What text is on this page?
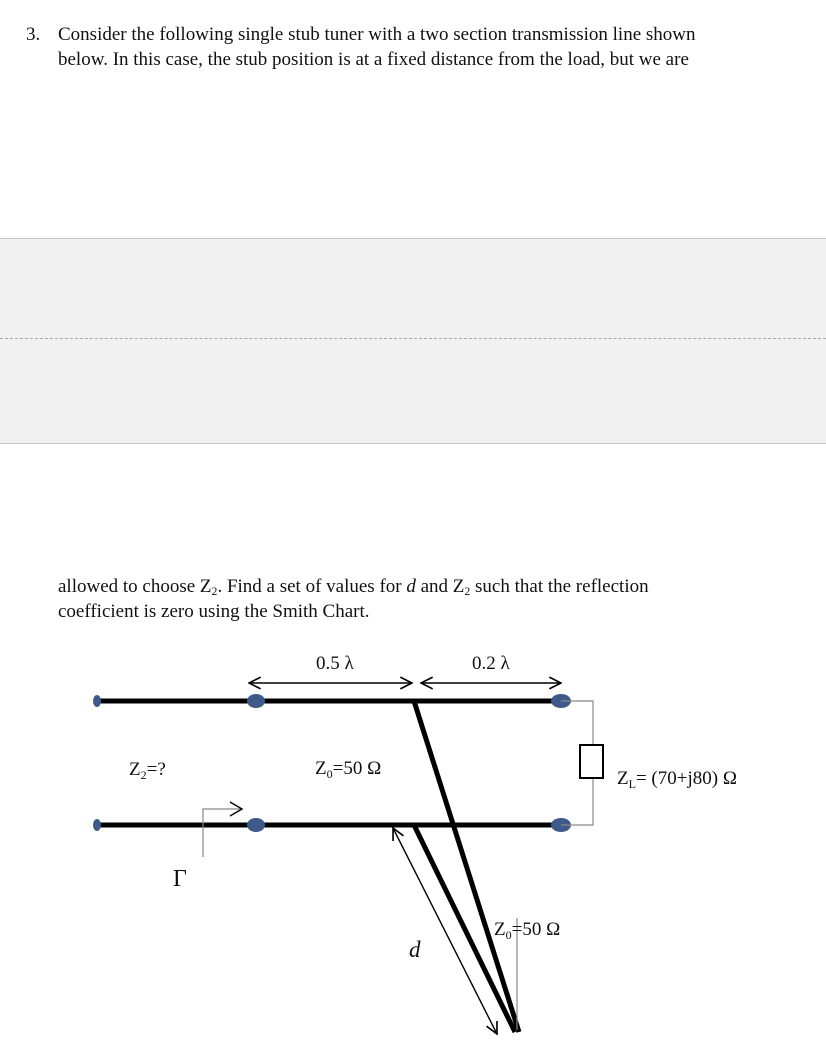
3. Consider the following single stub tuner with a two section transmission line shown
below. In this case, the stub position is at a fixed distance from the load, but we are
allowed to choose $Z_2$. Find a set of values for d and $Z_2$ such that the reflection
coefficient is zero using the Smith Chart.
0.5 λ	0.2 λ
$Z_2=$?	$Z_0=50$ Ω	$Z_L= (70+j80)$ Ω
Γ
d
$Z_0=50$ Ω
